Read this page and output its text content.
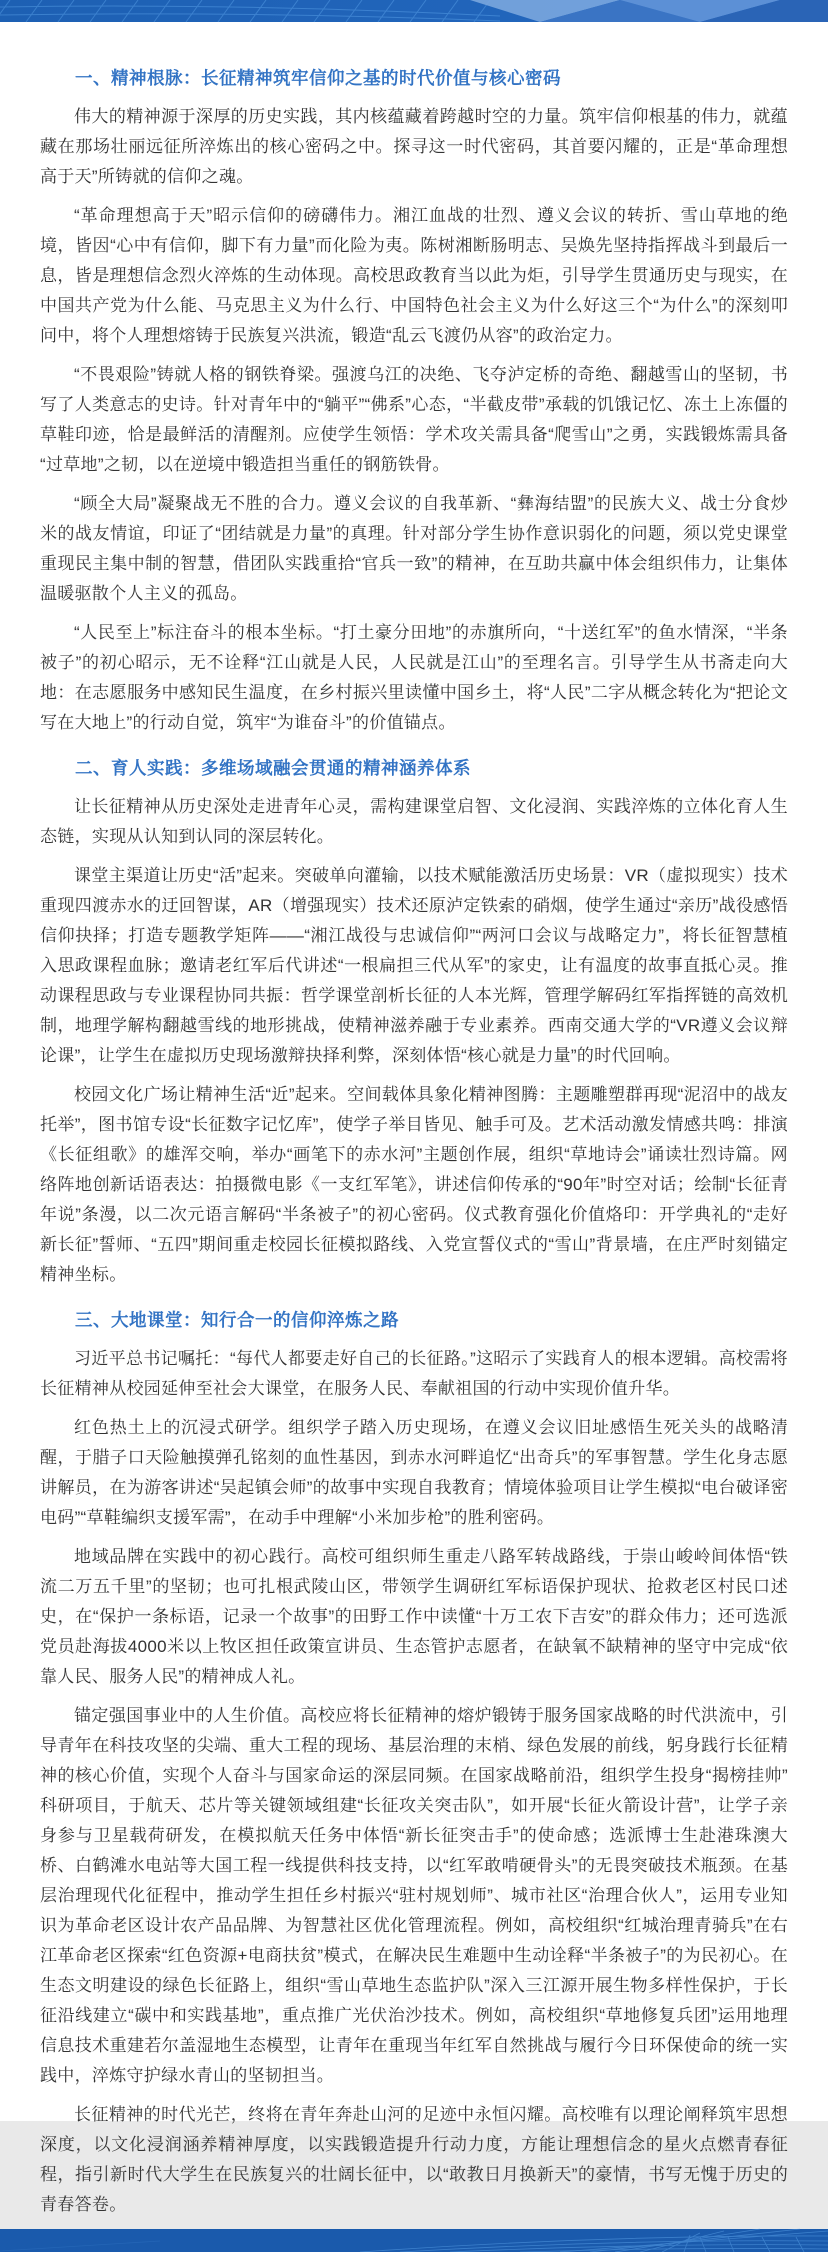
一、精神根脉：长征精神筑牢信仰之基的时代价值与核心密码

伟大的精神源于深厚的历史实践，其内核蕴藏着跨越时空的力量。筑牢信仰根基的伟力，就蕴藏在那场壮丽远征所淬炼出的核心密码之中。探寻这一时代密码，其首要闪耀的，正是“革命理想高于天”所铸就的信仰之魂。

“革命理想高于天”昭示信仰的磅礴伟力。湘江血战的壮烈、遵义会议的转折、雪山草地的绝境，皆因“心中有信仰，脚下有力量”而化险为夷。陈树湘断肠明志、吴焕先坚持指挥战斗到最后一息，皆是理想信念烈火淬炼的生动体现。高校思政教育当以此为炬，引导学生贯通历史与现实，在中国共产党为什么能、马克思主义为什么行、中国特色社会主义为什么好这三个“为什么”的深刻叩问中，将个人理想熔铸于民族复兴洪流，锻造“乱云飞渡仍从容”的政治定力。

“不畏艰险”铸就人格的钢铁脊梁。强渡乌江的决绝、飞夺泸定桥的奇绝、翻越雪山的坚韧，书写了人类意志的史诗。针对青年中的“躺平”“佛系”心态，“半截皮带”承载的饥饿记忆、冻土上冻僵的草鞋印迹，恰是最鲜活的清醒剂。应使学生领悟：学术攻关需具备“爬雪山”之勇，实践锻炼需具备“过草地”之韧，以在逆境中锻造担当重任的钢筋铁骨。

“顾全大局”凝聚战无不胜的合力。遵义会议的自我革新、“彝海结盟”的民族大义、战士分食炒米的战友情谊，印证了“团结就是力量”的真理。针对部分学生协作意识弱化的问题，须以党史课堂重现民主集中制的智慧，借团队实践重拾“官兵一致”的精神，在互助共赢中体会组织伟力，让集体温暖驱散个人主义的孤岛。

“人民至上”标注奋斗的根本坐标。“打土豪分田地”的赤旗所向，“十送红军”的鱼水情深，“半条被子”的初心昭示，无不诠释“江山就是人民，人民就是江山”的至理名言。引导学生从书斋走向大地：在志愿服务中感知民生温度，在乡村振兴里读懂中国乡土，将“人民”二字从概念转化为“把论文写在大地上”的行动自觉，筑牢“为谁奋斗”的价值锚点。

二、育人实践：多维场域融会贯通的精神涵养体系

让长征精神从历史深处走进青年心灵，需构建课堂启智、文化浸润、实践淬炼的立体化育人生态链，实现从认知到认同的深层转化。

课堂主渠道让历史“活”起来。突破单向灌输，以技术赋能激活历史场景：VR（虚拟现实）技术重现四渡赤水的迂回智谋，AR（增强现实）技术还原泸定铁索的硝烟，使学生通过“亲历”战役感悟信仰抉择；打造专题教学矩阵——“湘江战役与忠诚信仰”“两河口会议与战略定力”，将长征智慧植入思政课程血脉；邀请老红军后代讲述“一根扁担三代从军”的家史，让有温度的故事直抵心灵。推动课程思政与专业课程协同共振：哲学课堂剖析长征的人本光辉，管理学解码红军指挥链的高效机制，地理学解构翻越雪线的地形挑战，使精神滋养融于专业素养。西南交通大学的“VR遵义会议辩论课”，让学生在虚拟历史现场激辩抉择利弊，深刻体悟“核心就是力量”的时代回响。

校园文化广场让精神生活“近”起来。空间载体具象化精神图腾：主题雕塑群再现“泥沼中的战友托举”，图书馆专设“长征数字记忆库”，使学子举目皆见、触手可及。艺术活动激发情感共鸣：排演《长征组歌》的雄浑交响，举办“画笔下的赤水河”主题创作展，组织“草地诗会”诵读壮烈诗篇。网络阵地创新话语表达：拍摄微电影《一支红军笔》，讲述信仰传承的“90年”时空对话；绘制“长征青年说”条漫，以二次元语言解码“半条被子”的初心密码。仪式教育强化价值烙印：开学典礼的“走好新长征”誓师、“五四”期间重走校园长征模拟路线、入党宣誓仪式的“雪山”背景墙，在庄严时刻锚定精神坐标。

三、大地课堂：知行合一的信仰淬炼之路

习近平总书记嘱托：“每代人都要走好自己的长征路。”这昭示了实践育人的根本逻辑。高校需将长征精神从校园延伸至社会大课堂，在服务人民、奉献祖国的行动中实现价值升华。

红色热土上的沉浸式研学。组织学子踏入历史现场，在遵义会议旧址感悟生死关头的战略清醒，于腊子口天险触摸弹孔铭刻的血性基因，到赤水河畔追忆“出奇兵”的军事智慧。学生化身志愿讲解员，在为游客讲述“吴起镇会师”的故事中实现自我教育；情境体验项目让学生模拟“电台破译密电码”“草鞋编织支援军需”，在动手中理解“小米加步枪”的胜利密码。

地域品牌在实践中的初心践行。高校可组织师生重走八路军转战路线，于崇山峻岭间体悟“铁流二万五千里”的坚韧；也可扎根武陵山区，带领学生调研红军标语保护现状、抢救老区村民口述史，在“保护一条标语，记录一个故事”的田野工作中读懂“十万工农下吉安”的群众伟力；还可选派党员赴海拔4000米以上牧区担任政策宣讲员、生态管护志愿者，在缺氧不缺精神的坚守中完成“依靠人民、服务人民”的精神成人礼。

锚定强国事业中的人生价值。高校应将长征精神的熔炉锻铸于服务国家战略的时代洪流中，引导青年在科技攻坚的尖端、重大工程的现场、基层治理的末梢、绿色发展的前线，躬身践行长征精神的核心价值，实现个人奋斗与国家命运的深层同频。在国家战略前沿，组织学生投身“揭榜挂帅”科研项目，于航天、芯片等关键领域组建“长征攻关突击队”，如开展“长征火箭设计营”，让学子亲身参与卫星载荷研发，在模拟航天任务中体悟“新长征突击手”的使命感；选派博士生赴港珠澳大桥、白鹤滩水电站等大国工程一线提供科技支持，以“红军敢啃硬骨头”的无畏突破技术瓶颈。在基层治理现代化征程中，推动学生担任乡村振兴“驻村规划师”、城市社区“治理合伙人”，运用专业知识为革命老区设计农产品品牌、为智慧社区优化管理流程。例如，高校组织“红城治理青骑兵”在右江革命老区探索“红色资源+电商扶贫”模式，在解决民生难题中生动诠释“半条被子”的为民初心。在生态文明建设的绿色长征路上，组织“雪山草地生态监护队”深入三江源开展生物多样性保护，于长征沿线建立“碳中和实践基地”，重点推广光伏治沙技术。例如，高校组织“草地修复兵团”运用地理信息技术重建若尔盖湿地生态模型，让青年在重现当年红军自然挑战与履行今日环保使命的统一实践中，淬炼守护绿水青山的坚韧担当。

长征精神的时代光芒，终将在青年奔赴山河的足迹中永恒闪耀。高校唯有以理论阐释筑牢思想深度，以文化浸润涵养精神厚度，以实践锻造提升行动力度，方能让理想信念的星火点燃青春征程，指引新时代大学生在民族复兴的壮阔长征中，以“敢教日月换新天”的豪情，书写无愧于历史的青春答卷。
